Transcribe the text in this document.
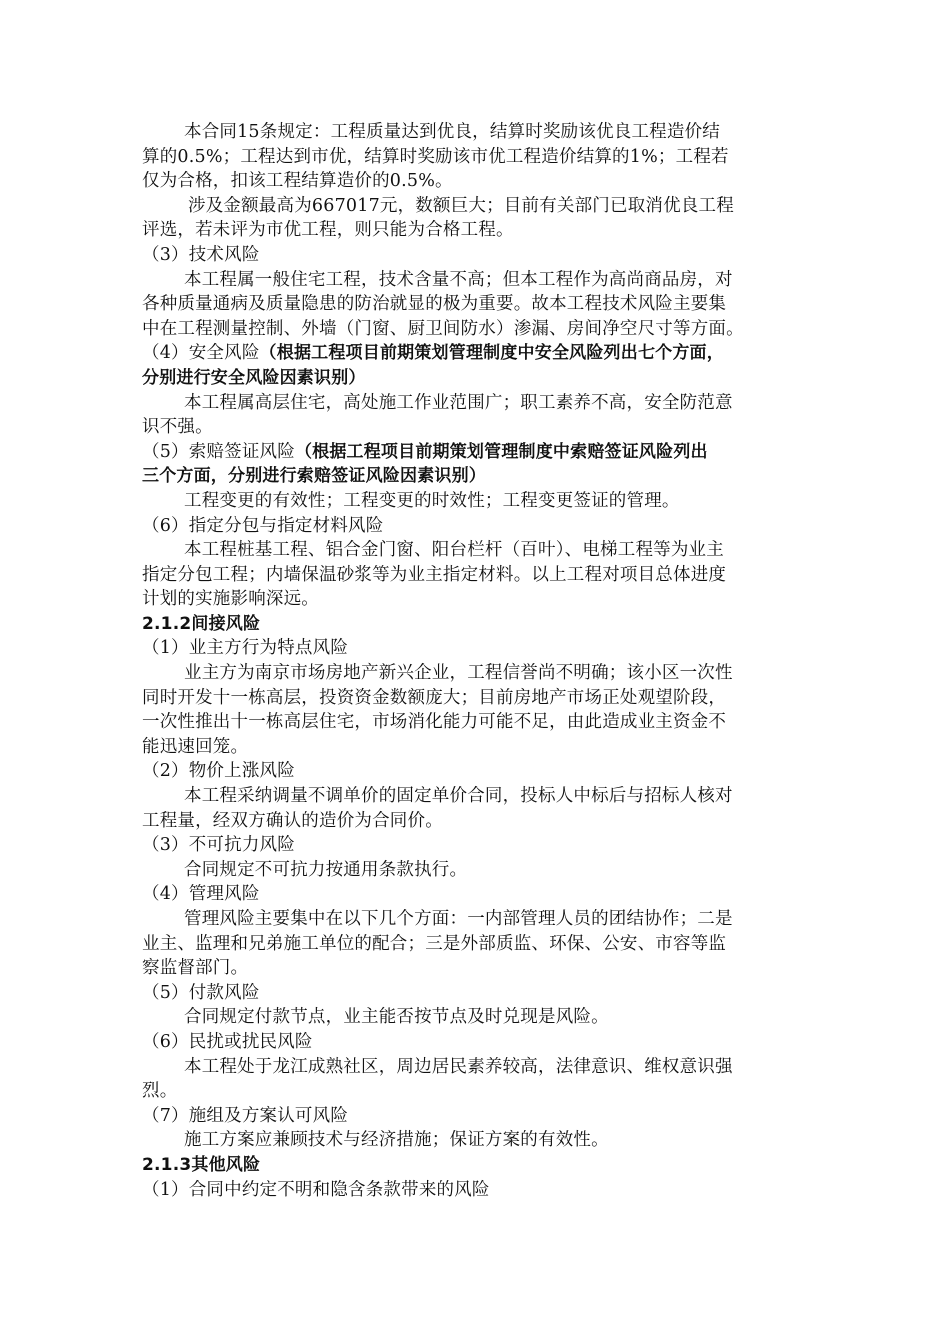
本合同15条规定：工程质量达到优良，结算时奖励该优良工程造价结
算的0.5%；工程达到市优，结算时奖励该市优工程造价结算的1%；工程若
仅为合格，扣该工程结算造价的0.5%。
涉及金额最高为667017元，数额巨大；目前有关部门已取消优良工程
评选，若未评为市优工程，则只能为合格工程。
（3）技术风险
本工程属一般住宅工程，技术含量不高；但本工程作为高尚商品房，对
各种质量通病及质量隐患的防治就显的极为重要。故本工程技术风险主要集
中在工程测量控制、外墙（门窗、厨卫间防水）渗漏、房间净空尺寸等方面。
（4）安全风险（根据工程项目前期策划管理制度中安全风险列出七个方面，
分别进行安全风险因素识别）
本工程属高层住宅，高处施工作业范围广；职工素养不高，安全防范意
识不强。
（5）索赔签证风险（根据工程项目前期策划管理制度中索赔签证风险列出
三个方面，分别进行索赔签证风险因素识别）
工程变更的有效性；工程变更的时效性；工程变更签证的管理。
（6）指定分包与指定材料风险
本工程桩基工程、铝合金门窗、阳台栏杆（百叶）、电梯工程等为业主
指定分包工程；内墙保温砂浆等为业主指定材料。以上工程对项目总体进度
计划的实施影响深远。
2.1.2间接风险
（1）业主方行为特点风险
业主方为南京市场房地产新兴企业，工程信誉尚不明确；该小区一次性
同时开发十一栋高层，投资资金数额庞大；目前房地产市场正处观望阶段，
一次性推出十一栋高层住宅，市场消化能力可能不足，由此造成业主资金不
能迅速回笼。
（2）物价上涨风险
本工程采纳调量不调单价的固定单价合同，投标人中标后与招标人核对
工程量，经双方确认的造价为合同价。
（3）不可抗力风险
合同规定不可抗力按通用条款执行。
（4）管理风险
管理风险主要集中在以下几个方面：一内部管理人员的团结协作；二是
业主、监理和兄弟施工单位的配合；三是外部质监、环保、公安、市容等监
察监督部门。
（5）付款风险
合同规定付款节点，业主能否按节点及时兑现是风险。
（6）民扰或扰民风险
本工程处于龙江成熟社区，周边居民素养较高，法律意识、维权意识强
烈。
（7）施组及方案认可风险
施工方案应兼顾技术与经济措施；保证方案的有效性。
2.1.3其他风险
（1）合同中约定不明和隐含条款带来的风险
